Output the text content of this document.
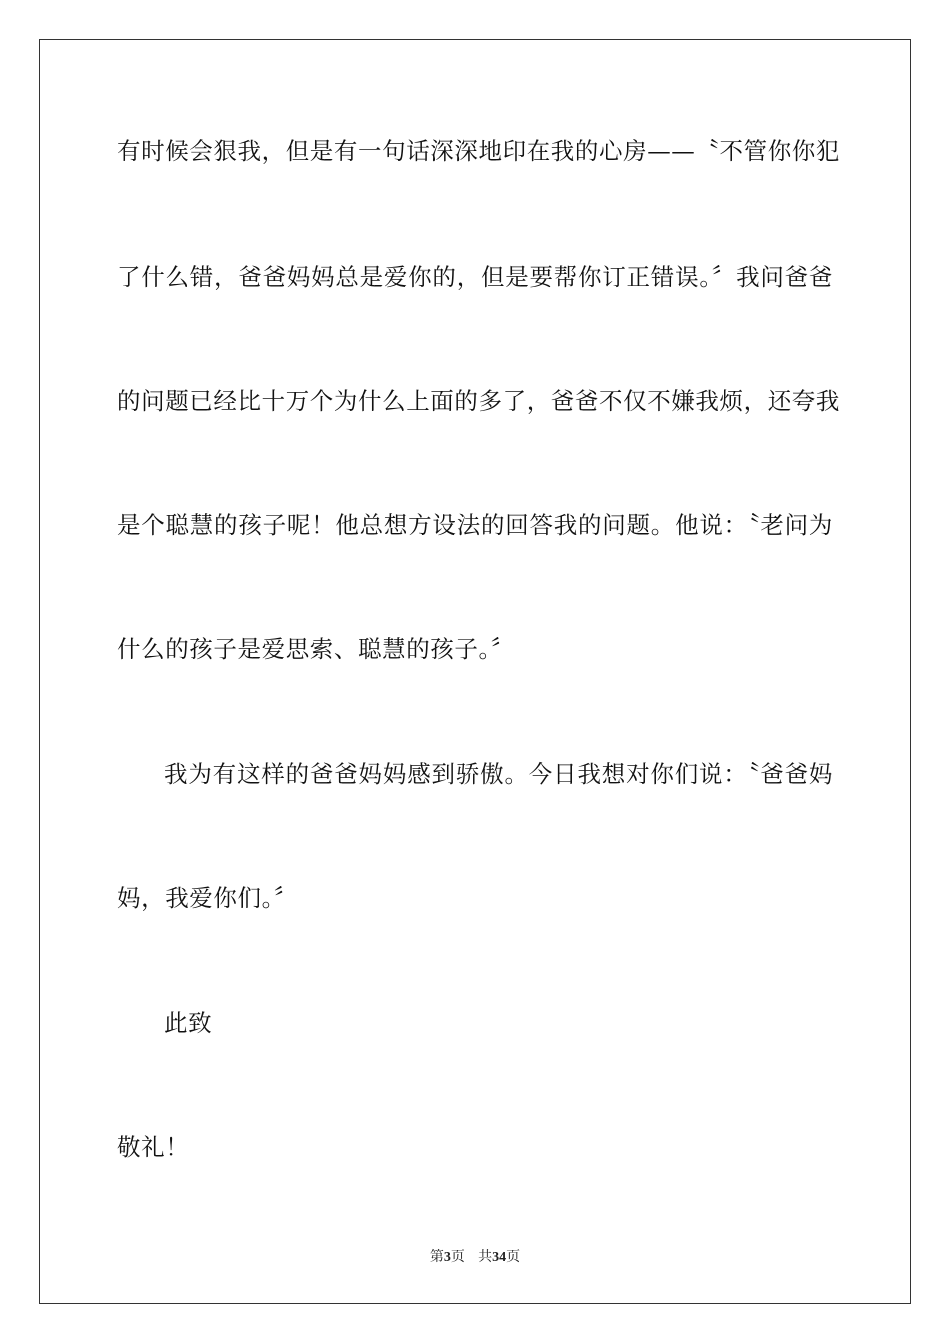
有时候会狠我，但是有一句话深深地印在我的心房——〝不管你你犯
了什么错，爸爸妈妈总是爱你的，但是要帮你订正错误。〞我问爸爸
的问题已经比十万个为什么上面的多了，爸爸不仅不嫌我烦，还夸我
是个聪慧的孩子呢！他总想方设法的回答我的问题。他说：〝老问为
什么的孩子是爱思索、聪慧的孩子。〞
我为有这样的爸爸妈妈感到骄傲。今日我想对你们说：〝爸爸妈
妈，我爱你们。〞
此致
敬礼！
第3页 共34页
